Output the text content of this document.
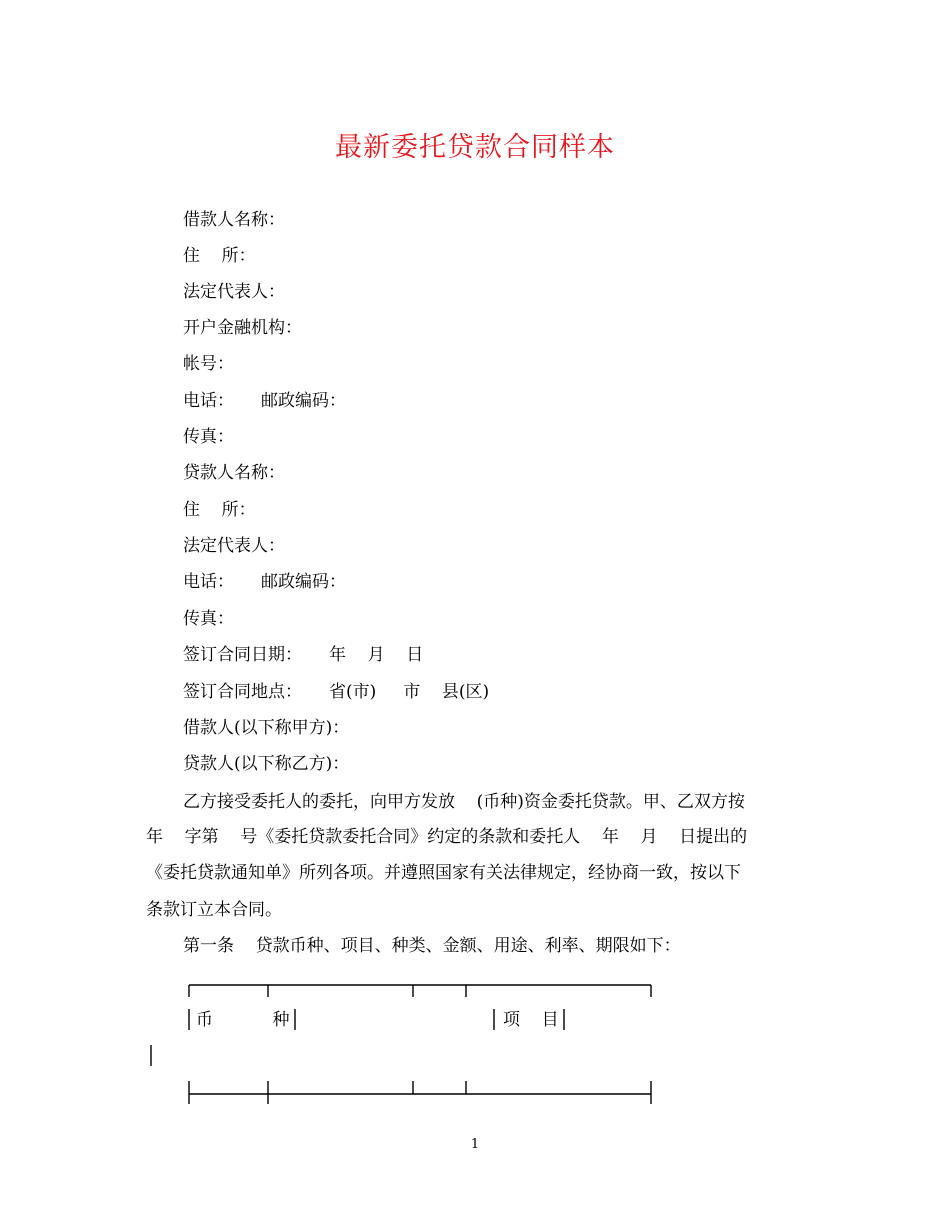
最新委托贷款合同样本
借款人名称：
住    所：
法定代表人：
开户金融机构：
帐号：
电话：     邮政编码：
传真：
贷款人名称：
住    所：
法定代表人：
电话：     邮政编码：
传真：
签订合同日期：     年    月    日
签订合同地点：     省(市)     市    县(区)
借款人(以下称甲方)：
贷款人(以下称乙方)：
乙方接受委托人的委托，向甲方发放    (币种)资金委托贷款。甲、乙双方按
年    字第    号《委托贷款委托合同》约定的条款和委托人    年    月    日提出的
《委托贷款通知单》所列各项。并遵照国家有关法律规定，经协商一致，按以下
条款订立本合同。
第一条    贷款币种、项目、种类、金额、用途、利率、期限如下：
币           种	项    目
1
